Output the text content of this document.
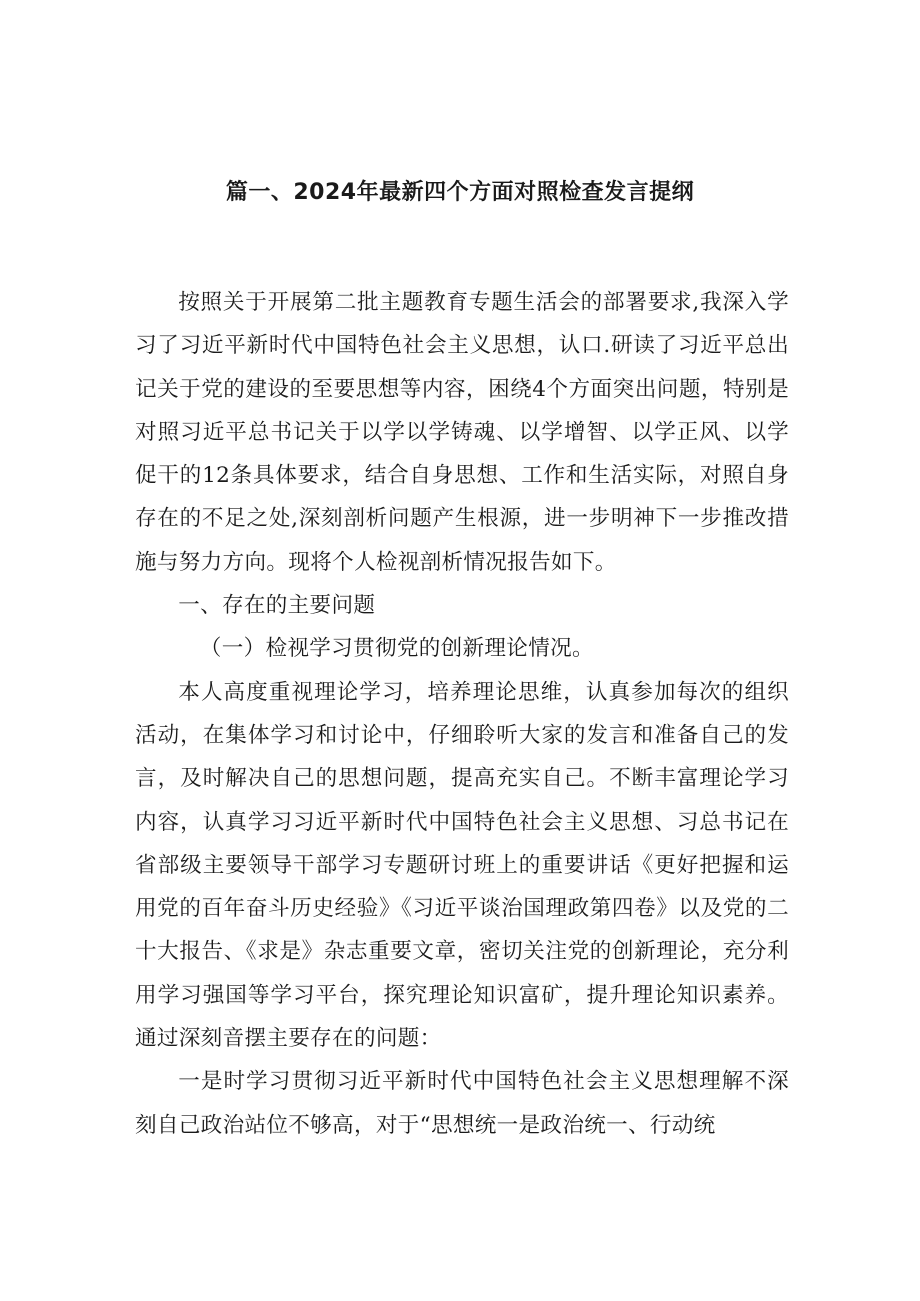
篇一、2024年最新四个方面对照检查发言提纲

按照关于开展第二批主题教育专题生活会的部署要求,我深入学习了习近平新时代中国特色社会主义思想，认口.研读了习近平总出记关于党的建设的至要思想等内容，困绕4个方面突出问题，特别是对照习近平总书记关于以学以学铸魂、以学增智、以学正风、以学促干的12条具体要求，结合自身思想、工作和生活实际，对照自身存在的不足之处,深刻剖析问题产生根源，进一步明神下一步推改措施与努力方向。现将个人检视剖析情况报告如下。

一、存在的主要问题
（一）检视学习贯彻党的创新理论情况。

本人高度重视理论学习，培养理论思维，认真参加每次的组织活动，在集体学习和讨论中，仔细聆听大家的发言和准备自己的发言，及时解决自己的思想问题，提高充实自己。不断丰富理论学习内容，认真学习习近平新时代中国特色社会主义思想、习总书记在省部级主要领导干部学习专题研讨班上的重要讲话《更好把握和运用党的百年奋斗历史经验》《习近平谈治国理政第四卷》以及党的二十大报告、《求是》杂志重要文章，密切关注党的创新理论，充分利用学习强国等学习平台，探究理论知识富矿，提升理论知识素养。通过深刻音摆主要存在的问题：

一是时学习贯彻习近平新时代中国特色社会主义思想理解不深刻自己政治站位不够高，对于“思想统一是政治统一、行动统
